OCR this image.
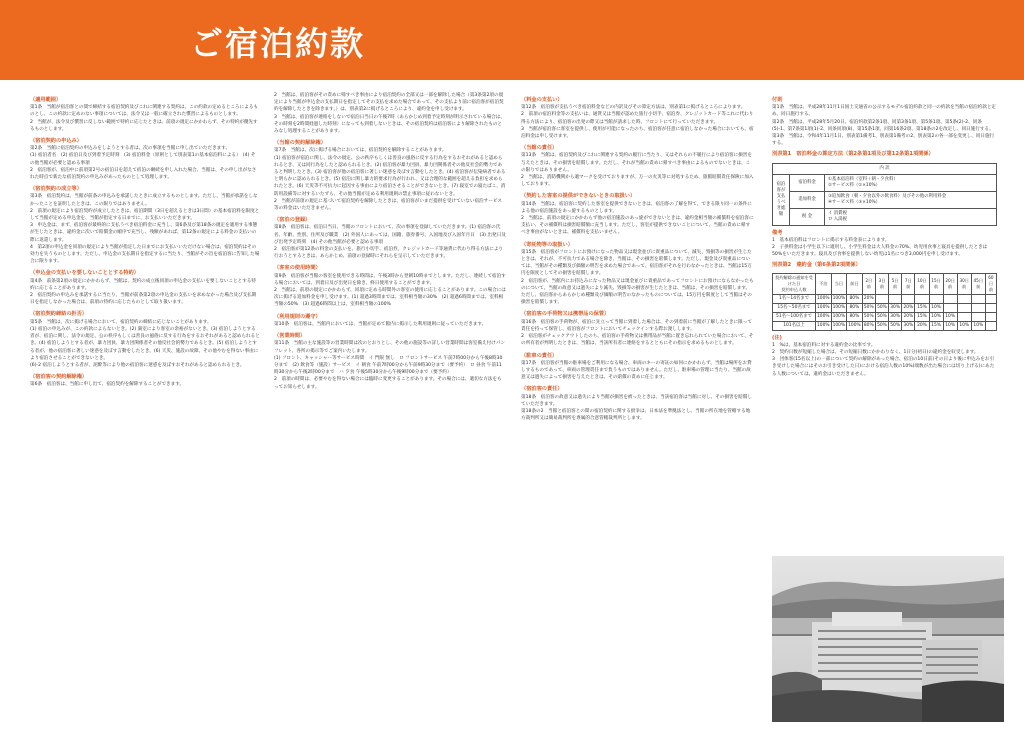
ご宿泊約款
（適用範囲）
第1条　当館が宿泊客との間で締結する宿泊契約及びこれに関連する契約は、この約款の定めるところによるものとし、この約款に定めのない事項については、法令又は一般に確立された慣習によるものとします。
2　当館が、法令及び慣習に反しない範囲で特約に応じたときは、前項の規定にかかわらず、その特約が優先するものとします。
（宿泊契約の申込み）
第2条　当館に宿泊契約の申込みをしようとする者は、次の事項を当館に申し出ていただきます。
(1) 宿泊者名　(2) 宿泊日及び到着予定時刻　(3) 宿泊料金（原則として別表第1の基本宿泊料による）　(4) その他当館が必要と認める事項
2　宿泊客が、宿泊中に前項第2号の宿泊日を超えて宿泊の継続を申し入れた場合、当館は、その申し出がなされた時点で新たな宿泊契約の申込みがあったものとして処理します。
（宿泊契約の成立等）
第3条　宿泊契約は、当館が前条の申込みを承諾したときに成立するものとします。ただし、当館が承諾をしなかったことを証明したときは、この限りではありません。
2　前項の規定により宿泊契約が成立したときは、宿泊期間（3日を超えるときは3日間）の基本宿泊料を限度として当館が定める申込金を、当館が指定する日までに、お支払いいただきます。
3　申込金は、まず、宿泊客が最終的に支払うべき宿泊料金に充当し、第6条及び第18条の規定を適用する事態が生じたときは、違約金に次いで賠償金の順序で充当し、残額があれば、第12条の規定による料金の支払いの際に返還します。
4　第2項の申込金を同項の規定により当館が指定した日までにお支払いいただけない場合は、宿泊契約はその効力を失うものとします。ただし、申込金の支払期日を指定するに当たり、当館がその旨を宿泊客に告知した場合に限ります。
（申込金の支払いを要しないこととする特約）
第4条　前条第2項の規定にかかわらず、当館は、契約の成立後同項の申込金の支払いを要しないこととする特約に応じることがあります。
2　宿泊契約の申込みを承諾するに当たり、当館が前条第2項の申込金の支払いを求めなかった場合及び支払期日を指定しなかった場合は、前項の特約に応じたものとして取り扱います。
（宿泊契約締結の拒否）
第5条　当館は、次に掲げる場合において、宿泊契約の締結に応じないことがあります。
(1) 宿泊の申込みが、この約款によらないとき。(2) 満室により客室の余裕がないとき。(3) 宿泊しようとする者が、宿泊に関し、法令の規定、公の秩序もしくは善良の風俗に反する行為をするおそれがあると認められるとき。(4) 宿泊しようとする者が、暴力団員、暴力団関係者その他反社会的勢力であるとき。(5) 宿泊しようとする者が、他の宿泊客に著しい迷惑を及ぼす言動をしたとき。(6) 天災、施設の故障、その他やむを得ない事由により宿泊させることができないとき。
(6)-2 宿泊しようとする者が、泥酔等により他の宿泊客に迷惑を及ぼすおそれがあると認められるとき。
（宿泊客の契約解除権）
第6条　宿泊客は、当館に申し出て、宿泊契約を解除することができます。
2　当館は、宿泊客がその責めに帰すべき事由により宿泊契約の全部又は一部を解除した場合（第3条第2項の規定により当館が申込金の支払期日を指定してその支払を求めた場合であって、その支払より前に宿泊客が宿泊契約を解除したときを除きます。）は、別表第2に掲げるところにより、違約金を申し受けます。
3　当館は、宿泊客が連絡をしないで宿泊日当日の午後7時（あらかじめ到着予定時刻が明示されている場合は、その時刻を2時間経過した時刻）になっても到着しないときは、その宿泊契約は宿泊客により解除されたものとみなし処理することがあります。
（当館の契約解除権）
第7条　当館は、次に掲げる場合においては、宿泊契約を解除することがあります。
(1) 宿泊客が宿泊に関し、法令の規定、公の秩序もしくは善良の風俗に反する行為をするおそれがあると認められるとき、又は同行為をしたと認められるとき。(2) 宿泊客が暴力団員、暴力団関係者その他反社会的勢力であると判明したとき。(3) 宿泊客が他の宿泊客に著しい迷惑を及ぼす言動をしたとき。(4) 宿泊客が伝染病者であると明らかに認められるとき。(5) 宿泊に関し暴力的要求行為が行われ、又は合理的な範囲を超える負担を求められたとき。(6) 天災等不可抗力に起因する事由により宿泊させることができないとき。(7) 寝室での寝たばこ、消防用設備等に対するいたずら、その他当館が定める利用規則の禁止事項に従わないとき。
2　当館が前項の規定に基づいて宿泊契約を解除したときは、宿泊客がいまだ提供を受けていない宿泊サービス等の料金はいただきません。
（宿泊の登録）
第8条　宿泊客は、宿泊日当日、当館のフロントにおいて、次の事項を登録していただきます。(1) 宿泊客の氏名、年齢、性別、住所及び職業　(2) 外国人にあっては、国籍、旅券番号、入国地及び入国年月日　(3) 出発日及び出発予定時刻　(4) その他当館が必要と認める事項
2　宿泊客が第12条の料金の支払いを、旅行小切手、宿泊券、クレジットカード等通貨に代わり得る方法により行おうとするときは、あらかじめ、前項の登録時にそれらを呈示していただきます。
（客室の使用時間）
第9条　宿泊客が当館の客室を使用できる時間は、午後3時から翌朝10時までとします。ただし、連続して宿泊する場合においては、到着日及び出発日を除き、終日使用することができます。
2　当館は、前項の規定にかかわらず、同項に定める時間外の客室の使用に応じることがあります。この場合には次に掲げる追加料金を申し受けます。(1) 超過3時間までは、室料相当額の30%　(2) 超過6時間までは、室料相当額の50%　(3) 超過6時間以上は、室料相当額の100%
（利用規則の遵守）
第10条　宿泊客は、当館内においては、当館が定めて館内に掲示した利用規則に従っていただきます。
（営業時間）
第11条　当館の主な施設等の営業時間は次のとおりとし、その他の施設等の詳しい営業時間は客室備え付けパンフレット、各所の掲示等でご案内いたします。
(1) フロント、キャッシャー等サービス時間　イ 門限 無し　ロ フロントサービス 午前7時00分から午後8時30分まで　(2) 飲食等（施設）サービス　イ 朝食 午前7時00分から午前9時30分まで（要予約）　ロ 昼食 午前11時30分から午後2時00分まで　ハ 夕食 午後5時30分から午後9時00分まで（要予約）
2　前項の時間は、必要やむを得ない場合には臨時に変更することがあります。その場合には、適切な方法をもってお知らせします。
（料金の支払い）
第12条　宿泊客が支払うべき宿泊料金などの内訳及びその算定方法は、別表第1に掲げるところによります。
2　前項の宿泊料金等の支払いは、通貨又は当館が認めた旅行小切手、宿泊券、クレジットカード等これに代わり得る方法により、宿泊客の出発の際又は当館が請求した時、フロントにて行っていただきます。
3　当館が宿泊客に客室を提供し、使用が可能になったのち、宿泊客が任意に宿泊しなかった場合においても、宿泊料金は申し受けます。
（当館の責任）
第13条　当館は、宿泊契約及びこれに関連する契約の履行に当たり、又はそれらの不履行により宿泊客に損害を与えたときは、その損害を賠償します。ただし、それが当館の責めに帰すべき事由によるものでないときは、この限りではありません。
2　当館は、消防機関から適マークを受けておりますが、万一の火災等に対処するため、旅館賠償責任保険に加入しております。
（契約した客室の提供ができないときの取扱い）
第14条　当館は、宿泊客に契約した客室を提供できないときは、宿泊客の了解を得て、できる限り同一の条件による他の宿泊施設をあっ旋するものとします。
2　当館は、前項の規定にかかわらず他の宿泊施設のあっ旋ができないときは、違約金相当額の補償料を宿泊客に支払い、その補償料は損害賠償額に充当します。ただし、客室が提供できないことについて、当館の責めに帰すべき事由がないときは、補償料を支払いません。
（寄託物等の取扱い）
第15条　宿泊客がフロントにお預けになった物品又は現金並びに貴重品について、滅失、毀損等の損害が生じたときは、それが、不可抗力である場合を除き、当館は、その損害を賠償します。ただし、現金及び貴重品については、当館がその種類及び価額の明告を求めた場合であって、宿泊客がそれを行わなかったときは、当館は15万円を限度としてその損害を賠償します。
2　宿泊客が、当館内にお持込みになった物品又は現金並びに貴重品であってフロントにお預けにならなかったものについて、当館の故意又は過失により滅失、毀損等の損害が生じたときは、当館は、その損害を賠償します。ただし、宿泊客からあらかじめ種類及び価額の明告のなかったものについては、15万円を限度として当館はその損害を賠償します。
（宿泊客の手荷物又は携帯品の保管）
第16条　宿泊客の手荷物が、宿泊に先立って当館に到着した場合は、その到着前に当館が了解したときに限って責任を持って保管し、宿泊客がフロントにおいてチェックインする際お渡しします。
2　宿泊客がチェックアウトしたのち、宿泊客の手荷物又は携帯品が当館に置き忘れられていた場合において、その所有者が判明したときは、当館は、当該所有者に連絡をするとともにその指示を求めるものとします。
（駐車の責任）
第17条　宿泊客が当館の駐車場をご利用になる場合、車両のキーの寄託の如何にかかわらず、当館は場所をお貸しするものであって、車両の管理責任まで負うものではありません。ただし、駐車場の管理に当たり、当館の故意又は過失によって損害を与えたときは、その賠償の責めに任じます。
（宿泊客の責任）
第18条　宿泊客の故意又は過失により当館が損害を被ったときは、当該宿泊客は当館に対し、その損害を賠償していただきます。
第18条の2　当館と宿泊客との間の宿泊契約に関する紛争は、日本法を準拠法とし、当館の所在地を管轄する地方裁判所又は簡易裁判所を専属的合意管轄裁判所とします。
付則
第1条　当館は、平成28年11月1日国土交通省の公示するモデル宿泊約款と同一の約款を当館の宿泊約款と定め、同日施行する。
第2条　当館は、平成28年5月20日、宿泊約款第2条1項、同第3条1項、第5条1項、第5条(2)-2、同条(5)-1、第7条第1項(1)-2、同条同項(8)、第15条1項、同第16条2項、第18条の2を改定し、同日施行する。
第3条　当館は、令和4年11月1日、別表第1備考1、別表第1備考の2、別表第2の各一部を変更し、同日施行する。
別表第1　宿泊料金の算定方法（第2条第1項及び第12条第1項関係）
内 訳		
宿泊客が支払うべき総額	宿泊料金	①基本宿泊料（室料＋朝・夕食料）
②サービス料（①×10%）

	追加料金	③追加飲食（朝・夕食以外の飲食料）及びその他の利用料金
④サービス料（③×10%）

	税 金	イ 消費税
ロ 入湯税
備考
1　基本宿泊料はフロントに掲示する料金表によります。
2　子供料金は小学生以下に適用し、小学生料金は大人料金の70%、幼児用食事と寝具を提供したときは50%をいただきます。寝具及び食事を提供しない幼児は1名につき3,000円を申し受けます。
別表第2　違約金（第6条第2項関係）
契約解除の通知を受けた日
契約申込人数	不泊	当日	前日	2日前	3日前	5日前	7日前	10日前	15日前	20日前	30日前	45日前	60日前
1名～14名まで	100%	100%	80%	20%									
15名～50名まで	100%	100%	80%	50%	50%	30%	20%	15%	10%				
51名～100名まで	100%	100%	80%	50%	50%	30%	20%	15%	10%	10%			
101名以上	100%	100%	100%	80%	50%	50%	30%	20%	15%	10%	10%	10%	
(注)
1　%は、基本宿泊料に対する違約金の比率です。
2　契約日数が短縮した場合は、その短縮日数にかかわりなく、1日分(初日)の違約金を収受します。
3　団体客(15名以上)の一部について契約の解除があった場合、宿泊の10日前(その日より後に申込みをお引き受けした場合にはそのお引き受けした日)における宿泊人数の10%(端数が出た場合には切り上げる)にあたる人数については、違約金はいただきません。
